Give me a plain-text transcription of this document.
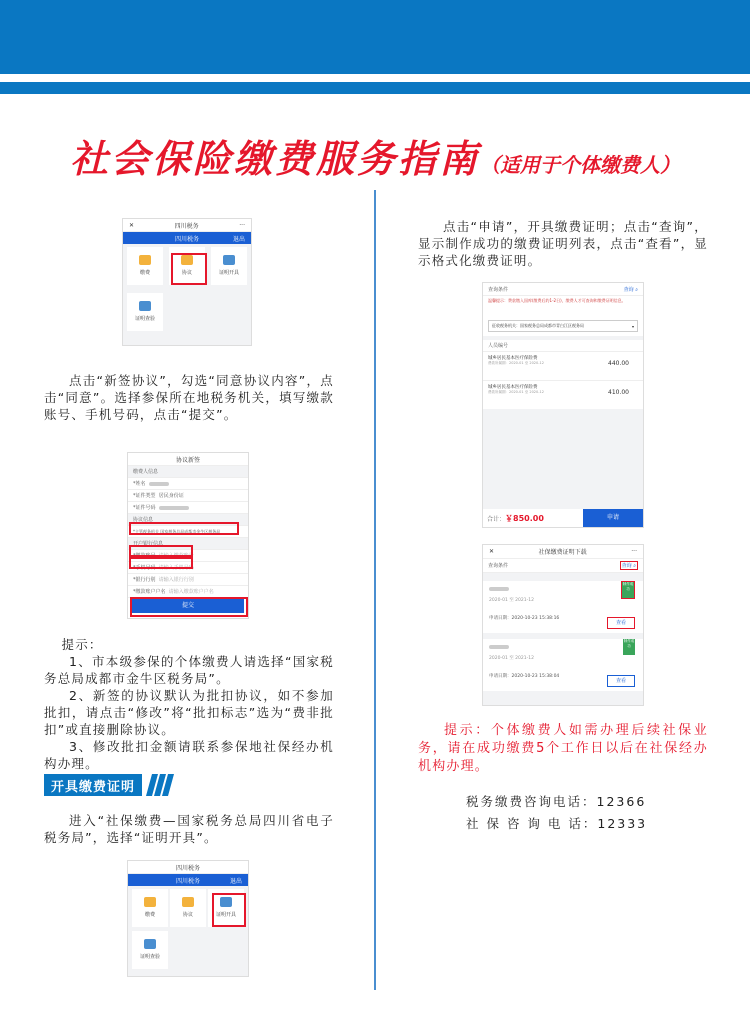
社会保险缴费服务指南（适用于个体缴费人）
✕	四川税务	···
四川税务	退出
缴费	协议	证明开具
证明查验

点击“新签协议”，勾选“同意协议内容”，点击“同意”。选择参保所在地税务机关，填写缴款账号、手机号码，点击“提交”。

协议新签
缴费人信息
*姓名

*证件类型
居民身份证
*证件号码

协议信息
*主管税务机关
国家税务总局成都市金牛区税务局
开户银行信息
*缴款账号
请输入缴款账号
*手机号码
请输入手机号码
*银行行别
请输入银行行别
*缴款账户户名
请输入缴款账户户名
提交

提示：

1、市本级参保的个体缴费人请选择“国家税务总局成都市金牛区税务局”。

2、新签的协议默认为批扣协议，如不参加批扣，请点击“修改”将“批扣标志”选为“费非批扣”或直接删除协议。

3、修改批扣金额请联系参保地社保经办机构办理。

开具缴费证明

进入“社保缴费—国家税务总局四川省电子税务局”，选择“证明开具”。

四川税务
四川税务	退出
缴费	协议	证明开具
证明查验

点击“申请”，开具缴费证明；点击“查询”，显示制作成功的缴费证明列表，点击“查看”，显示格式化缴费证明。

查询条件	查询 ⌕
温馨提示：费款缴入国库(缴费后约1-2日)，缴费人才可查询和缴费证明信息。
征收税务机关：国家税务总局成都市青白江区税务局	▾
人员编号
城乡居民基本医疗保险费
费款所属期：2020-01 至 2020-12	440.00
城乡居民基本医疗保险费
费款所属期：2020-01 至 2020-12	410.00
合计： ￥850.00	申请
✕	社保缴费证明下载	···
查询条件	查询 ⌕
2020-01 至 2021-12
申请日期：2020-10-23 15:38:16
制作成功
查看
2020-01 至 2021-12
申请日期：2020-10-23 15:38:04
制作成功
查看

提示：个体缴费人如需办理后续社保业务，请在成功缴费5个工作日以后在社保经办机构办理。

税务缴费咨询电话：12366
社 保 咨 询 电 话：12333
